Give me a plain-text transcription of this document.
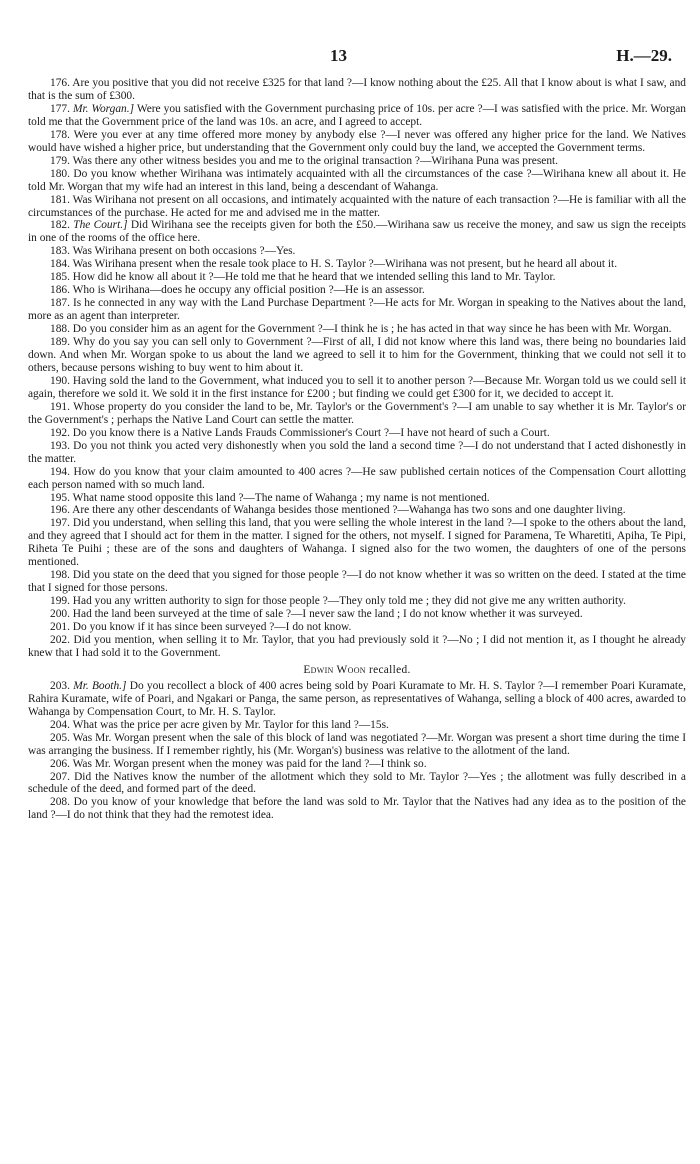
13	H.—29.

176. Are you positive that you did not receive £325 for that land ?—I know nothing about the £25. All that I know about is what I saw, and that is the sum of £300.

177. Mr. Worgan.] Were you satisfied with the Government purchasing price of 10s. per acre ?—I was satisfied with the price. Mr. Worgan told me that the Government price of the land was 10s. an acre, and I agreed to accept.

178. Were you ever at any time offered more money by anybody else ?—I never was offered any higher price for the land. We Natives would have wished a higher price, but understanding that the Government only could buy the land, we accepted the Government terms.

179. Was there any other witness besides you and me to the original transaction ?—Wirihana Puna was present.

180. Do you know whether Wirihana was intimately acquainted with all the circumstances of the case ?—Wirihana knew all about it. He told Mr. Worgan that my wife had an interest in this land, being a descendant of Wahanga.

181. Was Wirihana not present on all occasions, and intimately acquainted with the nature of each transaction ?—He is familiar with all the circumstances of the purchase. He acted for me and advised me in the matter.

182. The Court.] Did Wirihana see the receipts given for both the £50.—Wirihana saw us receive the money, and saw us sign the receipts in one of the rooms of the office here.

183. Was Wirihana present on both occasions ?—Yes.

184. Was Wirihana present when the resale took place to H. S. Taylor ?—Wirihana was not present, but he heard all about it.

185. How did he know all about it ?—He told me that he heard that we intended selling this land to Mr. Taylor.

186. Who is Wirihana—does he occupy any official position ?—He is an assessor.

187. Is he connected in any way with the Land Purchase Department ?—He acts for Mr. Worgan in speaking to the Natives about the land, more as an agent than interpreter.

188. Do you consider him as an agent for the Government ?—I think he is ; he has acted in that way since he has been with Mr. Worgan.

189. Why do you say you can sell only to Government ?—First of all, I did not know where this land was, there being no boundaries laid down. And when Mr. Worgan spoke to us about the land we agreed to sell it to him for the Government, thinking that we could not sell it to others, because persons wishing to buy went to him about it.

190. Having sold the land to the Government, what induced you to sell it to another person ?—Because Mr. Worgan told us we could sell it again, therefore we sold it. We sold it in the first instance for £200 ; but finding we could get £300 for it, we decided to accept it.

191. Whose property do you consider the land to be, Mr. Taylor's or the Government's ?—I am unable to say whether it is Mr. Taylor's or the Government's ; perhaps the Native Land Court can settle the matter.

192. Do you know there is a Native Lands Frauds Commissioner's Court ?—I have not heard of such a Court.

193. Do you not think you acted very dishonestly when you sold the land a second time ?—I do not understand that I acted dishonestly in the matter.

194. How do you know that your claim amounted to 400 acres ?—He saw published certain notices of the Compensation Court allotting each person named with so much land.

195. What name stood opposite this land ?—The name of Wahanga ; my name is not mentioned.

196. Are there any other descendants of Wahanga besides those mentioned ?—Wahanga has two sons and one daughter living.

197. Did you understand, when selling this land, that you were selling the whole interest in the land ?—I spoke to the others about the land, and they agreed that I should act for them in the matter. I signed for the others, not myself. I signed for Paramena, Te Wharetiti, Apiha, Te Pipi, Riheta Te Puihi ; these are of the sons and daughters of Wahanga. I signed also for the two women, the daughters of one of the persons mentioned.

198. Did you state on the deed that you signed for those people ?—I do not know whether it was so written on the deed. I stated at the time that I signed for those persons.

199. Had you any written authority to sign for those people ?—They only told me ; they did not give me any written authority.

200. Had the land been surveyed at the time of sale ?—I never saw the land ; I do not know whether it was surveyed.

201. Do you know if it has since been surveyed ?—I do not know.

202. Did you mention, when selling it to Mr. Taylor, that you had previously sold it ?—No ; I did not mention it, as I thought he already knew that I had sold it to the Government.

Edwin Woon recalled.

203. Mr. Booth.] Do you recollect a block of 400 acres being sold by Poari Kuramate to Mr. H. S. Taylor ?—I remember Poari Kuramate, Rahira Kuramate, wife of Poari, and Ngakari or Panga, the same person, as representatives of Wahanga, selling a block of 400 acres, awarded to Wahanga by Compensation Court, to Mr. H. S. Taylor.

204. What was the price per acre given by Mr. Taylor for this land ?—15s.

205. Was Mr. Worgan present when the sale of this block of land was negotiated ?—Mr. Worgan was present a short time during the time I was arranging the business. If I remember rightly, his (Mr. Worgan's) business was relative to the allotment of the land.

206. Was Mr. Worgan present when the money was paid for the land ?—I think so.

207. Did the Natives know the number of the allotment which they sold to Mr. Taylor ?—Yes ; the allotment was fully described in a schedule of the deed, and formed part of the deed.

208. Do you know of your knowledge that before the land was sold to Mr. Taylor that the Natives had any idea as to the position of the land ?—I do not think that they had the remotest idea.
